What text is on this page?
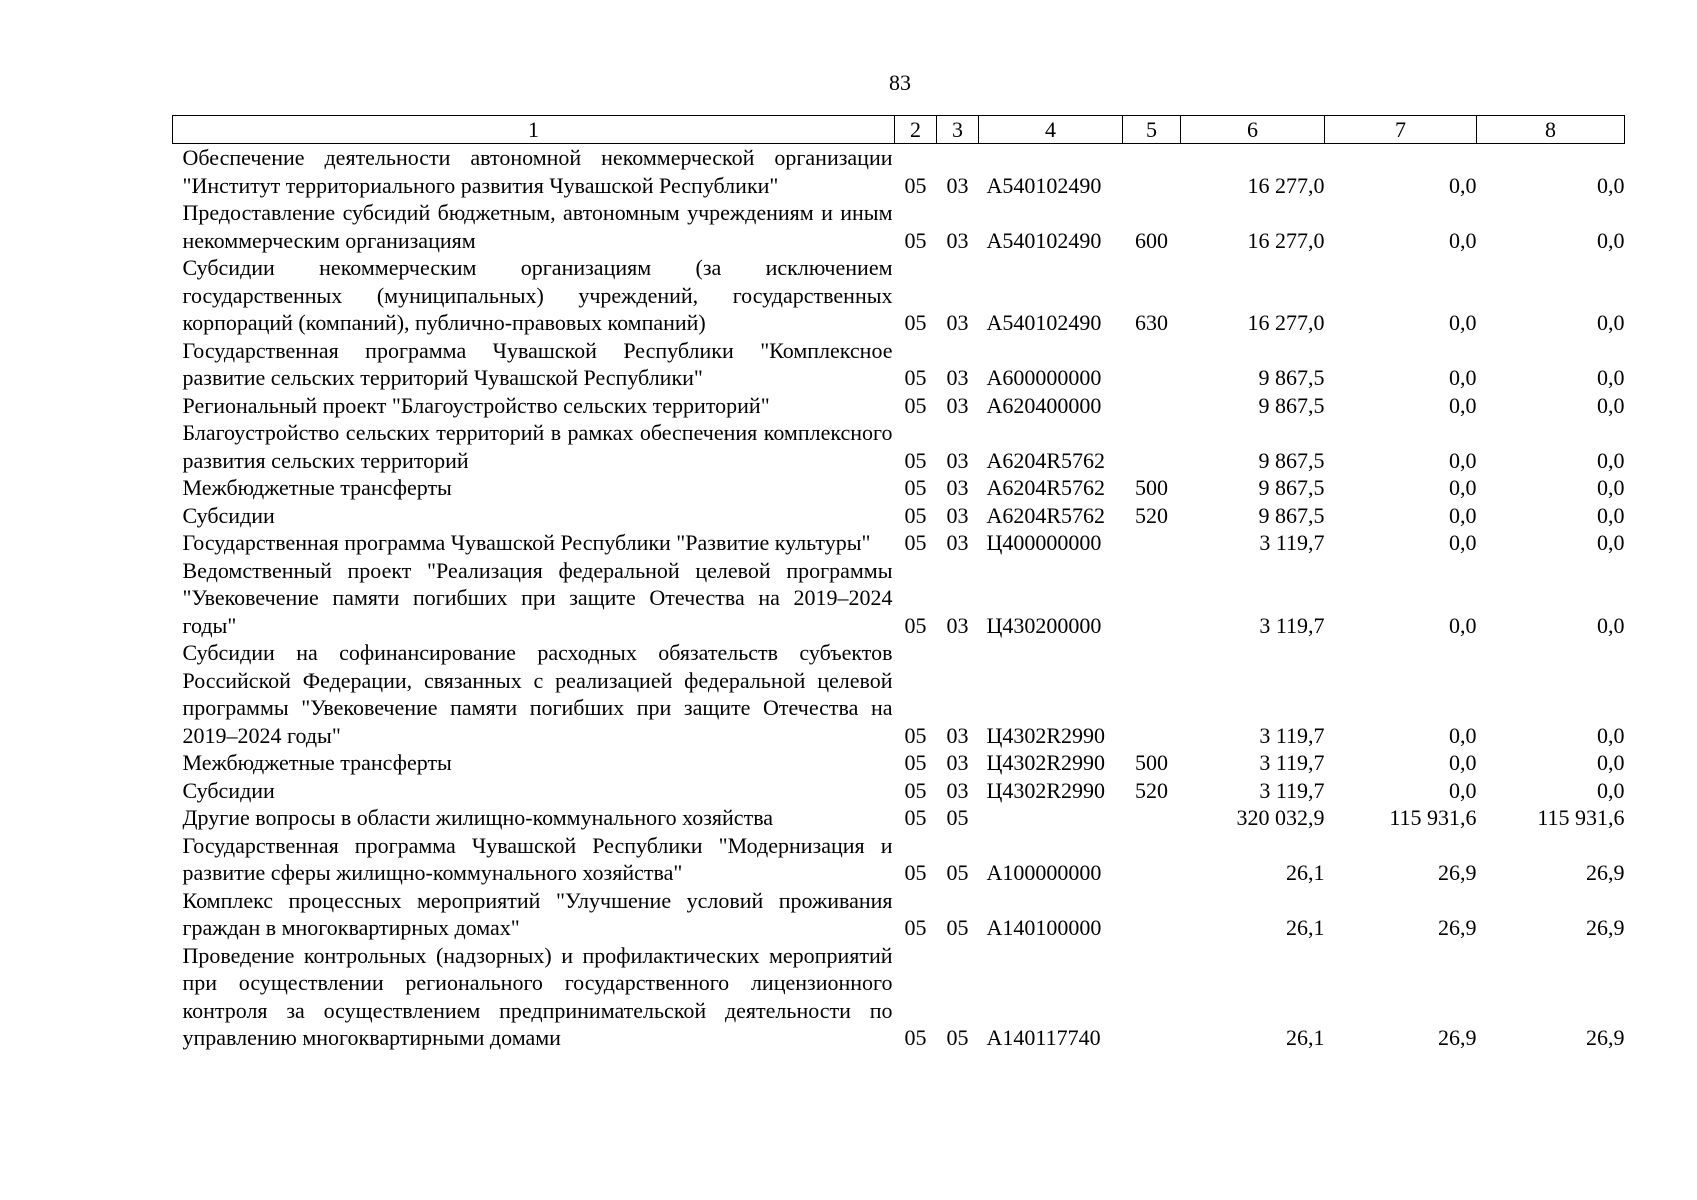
83
1	2	3	4	5	6	7	8
Обеспечение деятельности автономной некоммерческой организации "Институт территориального развития Чувашской Республики"	05	03	А540102490		16 277,0	0,0	0,0
Предоставление субсидий бюджетным, автономным учреждениям и иным некоммерческим организациям	05	03	А540102490	600	16 277,0	0,0	0,0
Субсидии некоммерческим организациям (за исключением государственных (муниципальных) учреждений, государственных корпораций (компаний), публично-правовых компаний)	05	03	А540102490	630	16 277,0	0,0	0,0
Государственная программа Чувашской Республики "Комплексное развитие сельских территорий Чувашской Республики"	05	03	А600000000		9 867,5	0,0	0,0
Региональный проект "Благоустройство сельских территорий"	05	03	А620400000		9 867,5	0,0	0,0
Благоустройство сельских территорий в рамках обеспечения комплексного развития сельских территорий	05	03	А6204R5762		9 867,5	0,0	0,0
Межбюджетные трансферты	05	03	А6204R5762	500	9 867,5	0,0	0,0
Субсидии	05	03	А6204R5762	520	9 867,5	0,0	0,0
Государственная программа Чувашской Республики "Развитие культуры"	05	03	Ц400000000		3 119,7	0,0	0,0
Ведомственный проект "Реализация федеральной целевой программы "Увековечение памяти погибших при защите Отечества на 2019–2024 годы"	05	03	Ц430200000		3 119,7	0,0	0,0
Субсидии на софинансирование расходных обязательств субъектов Российской Федерации, связанных с реализацией федеральной целевой программы "Увековечение памяти погибших при защите Отечества на 2019–2024 годы"	05	03	Ц4302R2990		3 119,7	0,0	0,0
Межбюджетные трансферты	05	03	Ц4302R2990	500	3 119,7	0,0	0,0
Субсидии	05	03	Ц4302R2990	520	3 119,7	0,0	0,0
Другие вопросы в области жилищно-коммунального хозяйства	05	05			320 032,9	115 931,6	115 931,6
Государственная программа Чувашской Республики "Модернизация и развитие сферы жилищно-коммунального хозяйства"	05	05	А100000000		26,1	26,9	26,9
Комплекс процессных мероприятий "Улучшение условий проживания граждан в многоквартирных домах"	05	05	А140100000		26,1	26,9	26,9
Проведение контрольных (надзорных) и профилактических мероприятий при осуществлении регионального государственного лицензионного контроля за осуществлением предпринимательской деятельности по управлению многоквартирными домами	05	05	А140117740		26,1	26,9	26,9
